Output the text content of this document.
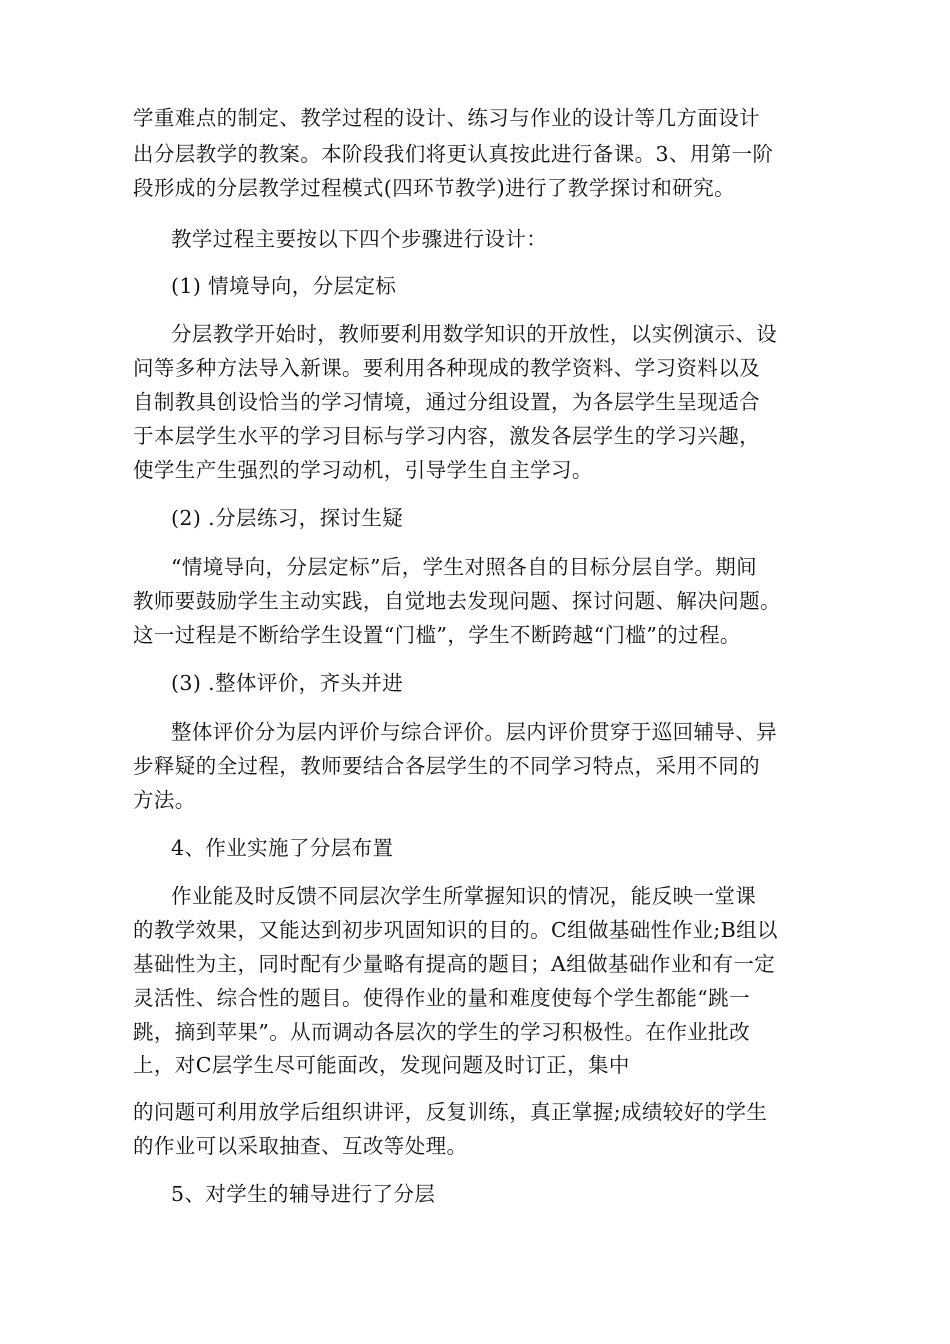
学重难点的制定、教学过程的设计、练习与作业的设计等几方面设计
出分层教学的教案。本阶段我们将更认真按此进行备课。3、用第一阶
段形成的分层教学过程模式(四环节教学)进行了教学探讨和研究。
教学过程主要按以下四个步骤进行设计：
(1) 情境导向，分层定标
分层教学开始时，教师要利用数学知识的开放性，以实例演示、设
问等多种方法导入新课。要利用各种现成的教学资料、学习资料以及
自制教具创设恰当的学习情境，通过分组设置，为各层学生呈现适合
于本层学生水平的学习目标与学习内容，激发各层学生的学习兴趣，
使学生产生强烈的学习动机，引导学生自主学习。
(2) .分层练习，探讨生疑
“情境导向，分层定标”后，学生对照各自的目标分层自学。期间
教师要鼓励学生主动实践，自觉地去发现问题、探讨问题、解决问题。
这一过程是不断给学生设置“门槛”，学生不断跨越“门槛”的过程。
(3) .整体评价，齐头并进
整体评价分为层内评价与综合评价。层内评价贯穿于巡回辅导、异
步释疑的全过程，教师要结合各层学生的不同学习特点，采用不同的
方法。
4、作业实施了分层布置
作业能及时反馈不同层次学生所掌握知识的情况，能反映一堂课
的教学效果，又能达到初步巩固知识的目的。C组做基础性作业;B组以
基础性为主，同时配有少量略有提高的题目；A组做基础作业和有一定
灵活性、综合性的题目。使得作业的量和难度使每个学生都能“跳一
跳，摘到苹果”。从而调动各层次的学生的学习积极性。在作业批改
上，对C层学生尽可能面改，发现问题及时订正，集中
的问题可利用放学后组织讲评，反复训练，真正掌握;成绩较好的学生
的作业可以采取抽查、互改等处理。
5、对学生的辅导进行了分层
